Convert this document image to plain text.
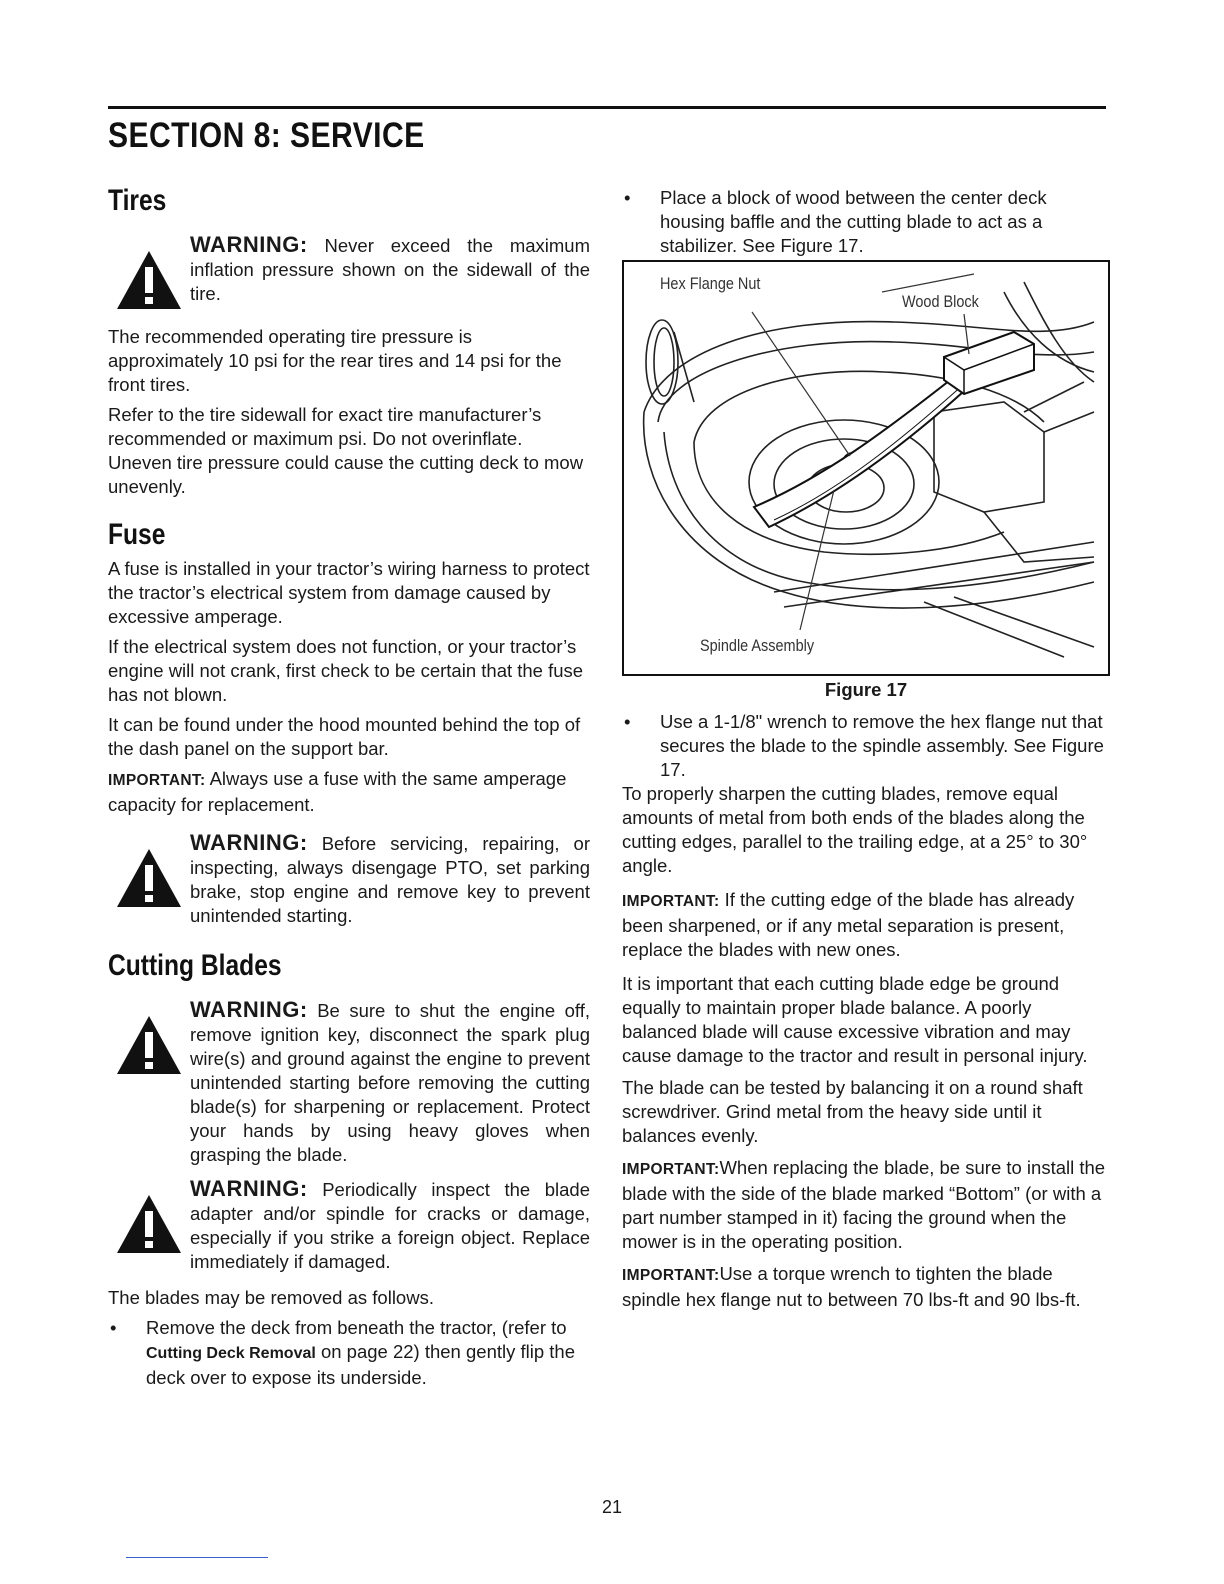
SECTION 8: SERVICE
Tires
WARNING: Never exceed the maximum inflation pressure shown on the sidewall of the tire.

The recommended operating tire pressure is approximately 10 psi for the rear tires and 14 psi for the front tires.

Refer to the tire sidewall for exact tire manufacturer’s recommended or maximum psi. Do not overinflate. Uneven tire pressure could cause the cutting deck to mow unevenly.

Fuse

A fuse is installed in your tractor’s wiring harness to protect the tractor’s electrical system from damage caused by excessive amperage.

If the electrical system does not function, or your tractor’s engine will not crank, first check to be certain that the fuse has not blown.

It can be found under the hood mounted behind the top of the dash panel on the support bar.

IMPORTANT: Always use a fuse with the same amperage capacity for replacement.

WARNING: Before servicing, repairing, or inspecting, always disengage PTO, set parking brake, stop engine and remove key to prevent unintended starting.
Cutting Blades
WARNING: Be sure to shut the engine off, remove ignition key, disconnect the spark plug wire(s) and ground against the engine to prevent unintended starting before removing the cutting blade(s) for sharpening or replacement. Protect your hands by using heavy gloves when grasping the blade.
WARNING: Periodically inspect the blade adapter and/or spindle for cracks or damage, especially if you strike a foreign object. Replace immediately if damaged.

The blades may be removed as follows.

•	Remove the deck from beneath the tractor, (refer to Cutting Deck Removal on page 22) then gently flip the deck over to expose its underside.
•	Place a block of wood between the center deck housing baffle and the cutting blade to act as a stabilizer. See Figure 17.
Hex Flange Nut
Wood Block
Spindle Assembly
Figure 17
•	Use a 1-1/8" wrench to remove the hex flange nut that secures the blade to the spindle assembly. See Figure 17.

To properly sharpen the cutting blades, remove equal amounts of metal from both ends of the blades along the cutting edges, parallel to the trailing edge, at a 25° to 30° angle.

IMPORTANT: If the cutting edge of the blade has already been sharpened, or if any metal separation is present, replace the blades with new ones.

It is important that each cutting blade edge be ground equally to maintain proper blade balance. A poorly balanced blade will cause excessive vibration and may cause damage to the tractor and result in personal injury.

The blade can be tested by balancing it on a round shaft screwdriver. Grind metal from the heavy side until it balances evenly.

IMPORTANT:When replacing the blade, be sure to install the blade with the side of the blade marked “Bottom” (or with a part number stamped in it) facing the ground when the mower is in the operating position.

IMPORTANT:Use a torque wrench to tighten the blade spindle hex flange nut to between 70 lbs-ft and 90 lbs-ft.

21
